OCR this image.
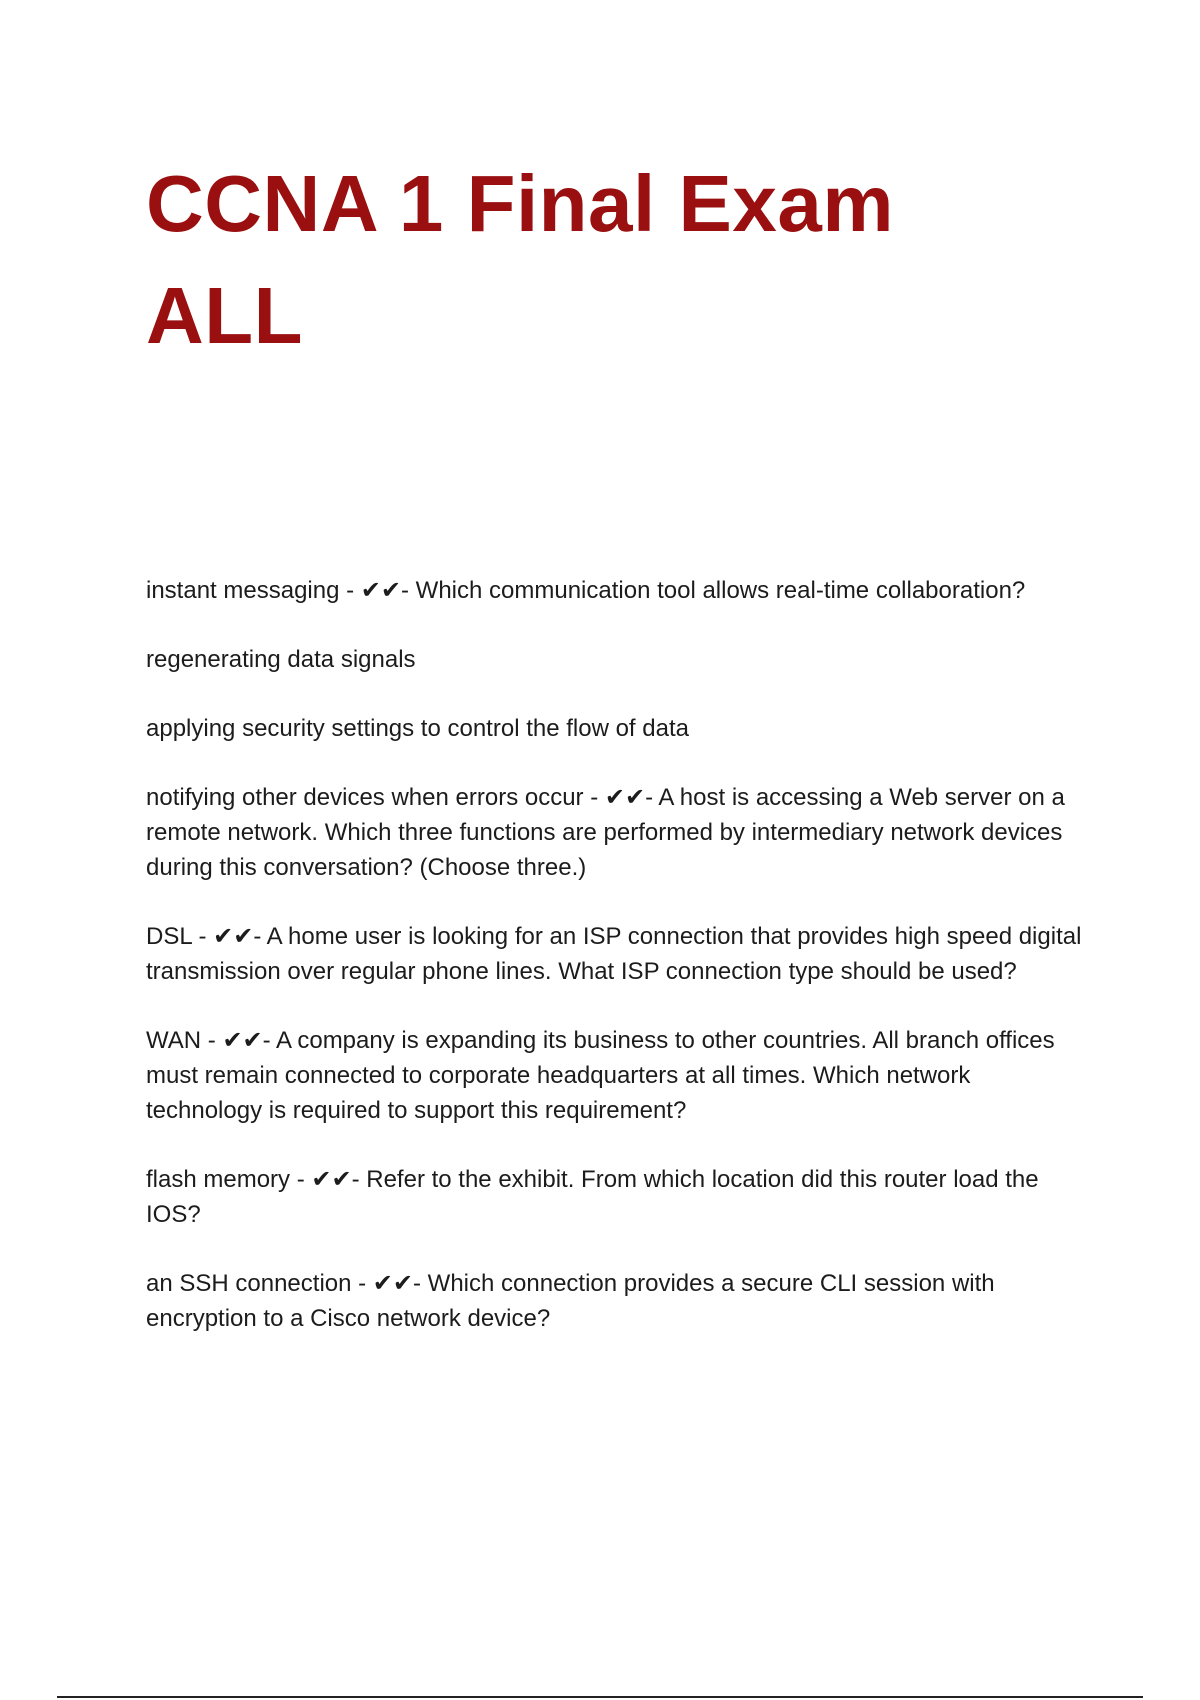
CCNA 1 Final Exam
ALL

instant messaging - ✔✔- Which communication tool allows real-time collaboration?

regenerating data signals

applying security settings to control the flow of data

notifying other devices when errors occur - ✔✔- A host is accessing a Web server on a remote network. Which three functions are performed by intermediary network devices during this conversation? (Choose three.)

DSL - ✔✔- A home user is looking for an ISP connection that provides high speed digital transmission over regular phone lines. What ISP connection type should be used?

WAN - ✔✔- A company is expanding its business to other countries. All branch offices must remain connected to corporate headquarters at all times. Which network technology is required to support this requirement?

flash memory - ✔✔- Refer to the exhibit. From which location did this router load the IOS?

an SSH connection - ✔✔- Which connection provides a secure CLI session with encryption to a Cisco network device?
